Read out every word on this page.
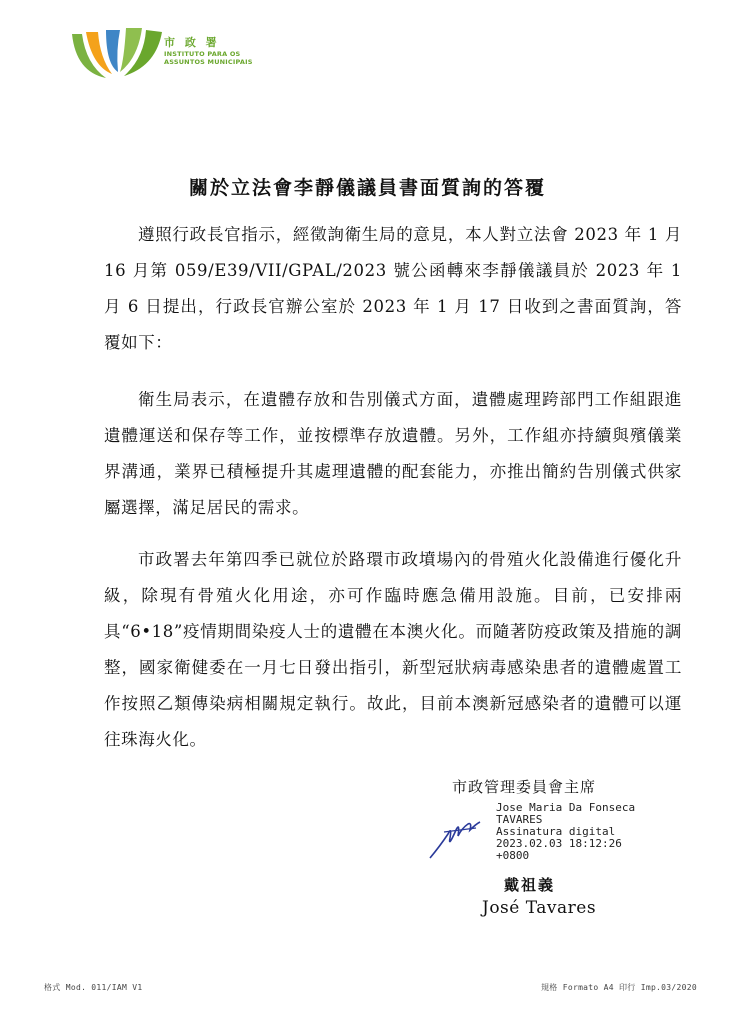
市 政 署
INSTITUTO PARA OS
ASSUNTOS MUNICIPAIS
關於立法會李靜儀議員書面質詢的答覆

遵照行政長官指示，經徵詢衛生局的意見，本人對立法會 2023 年 1 月 16 月第 059/E39/VII/GPAL/2023 號公函轉來李靜儀議員於 2023 年 1 月 6 日提出，行政長官辦公室於 2023 年 1 月 17 日收到之書面質詢，答覆如下：

衛生局表示，在遺體存放和告別儀式方面，遺體處理跨部門工作組跟進遺體運送和保存等工作，並按標準存放遺體。另外，工作組亦持續與殯儀業界溝通，業界已積極提升其處理遺體的配套能力，亦推出簡約告別儀式供家屬選擇，滿足居民的需求。

市政署去年第四季已就位於路環市政墳場內的骨殖火化設備進行優化升級，除現有骨殖火化用途，亦可作臨時應急備用設施。目前，已安排兩具“6•18”疫情期間染疫人士的遺體在本澳火化。而隨著防疫政策及措施的調整，國家衛健委在一月七日發出指引，新型冠狀病毒感染患者的遺體處置工作按照乙類傳染病相關規定執行。故此，目前本澳新冠感染者的遺體可以運往珠海火化。

市政管理委員會主席
Jose Maria Da Fonseca
TAVARES
Assinatura digital
2023.02.03 18:12:26
+0800
戴祖義
José Tavares
格式 Mod. 011/IAM V1	規格 Formato A4 印行 Imp.03/2020
